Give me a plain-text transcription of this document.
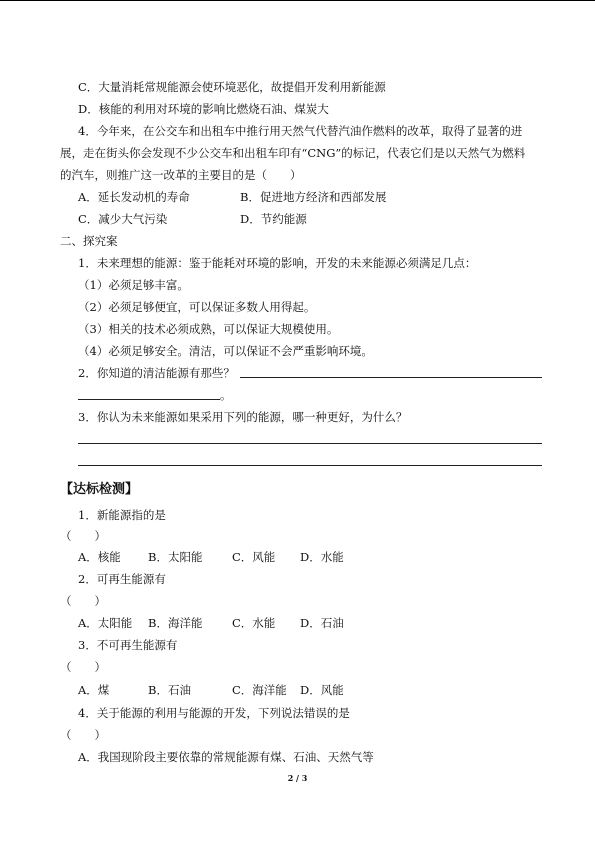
C．大量消耗常规能源会使环境恶化，故提倡开发利用新能源
D．核能的利用对环境的影响比燃烧石油、煤炭大
4．今年来，在公交车和出租车中推行用天然气代替汽油作燃料的改革，取得了显著的进
展，走在街头你会发现不少公交车和出租车印有“CNG”的标记，代表它们是以天然气为燃料
的汽车，则推广这一改革的主要目的是（　　）
A．延长发动机的寿命	B．促进地方经济和西部发展
C．减少大气污染	D．节约能源
二、探究案
1．未来理想的能源：鉴于能耗对环境的影响，开发的未来能源必须满足几点：
（1）必须足够丰富。
（2）必须足够便宜，可以保证多数人用得起。
（3）相关的技术必须成熟，可以保证大规模使用。
（4）必须足够安全。清洁，可以保证不会严重影响环境。
2．你知道的清洁能源有那些？
。
3．你认为未来能源如果采用下列的能源，哪一种更好，为什么？
【达标检测】
1．新能源指的是
（　　）
A．核能 B．太阳能	C．风能 D．水能
2．可再生能源有
（　　）
A．太阳能 B．海洋能	C．水能 D．石油
3．不可再生能源有
（　　）
A．煤	B．石油	C．海洋能 D．风能
4．关于能源的利用与能源的开发，下列说法错误的是
（　　）
A．我国现阶段主要依靠的常规能源有煤、石油、天然气等
2 / 3
